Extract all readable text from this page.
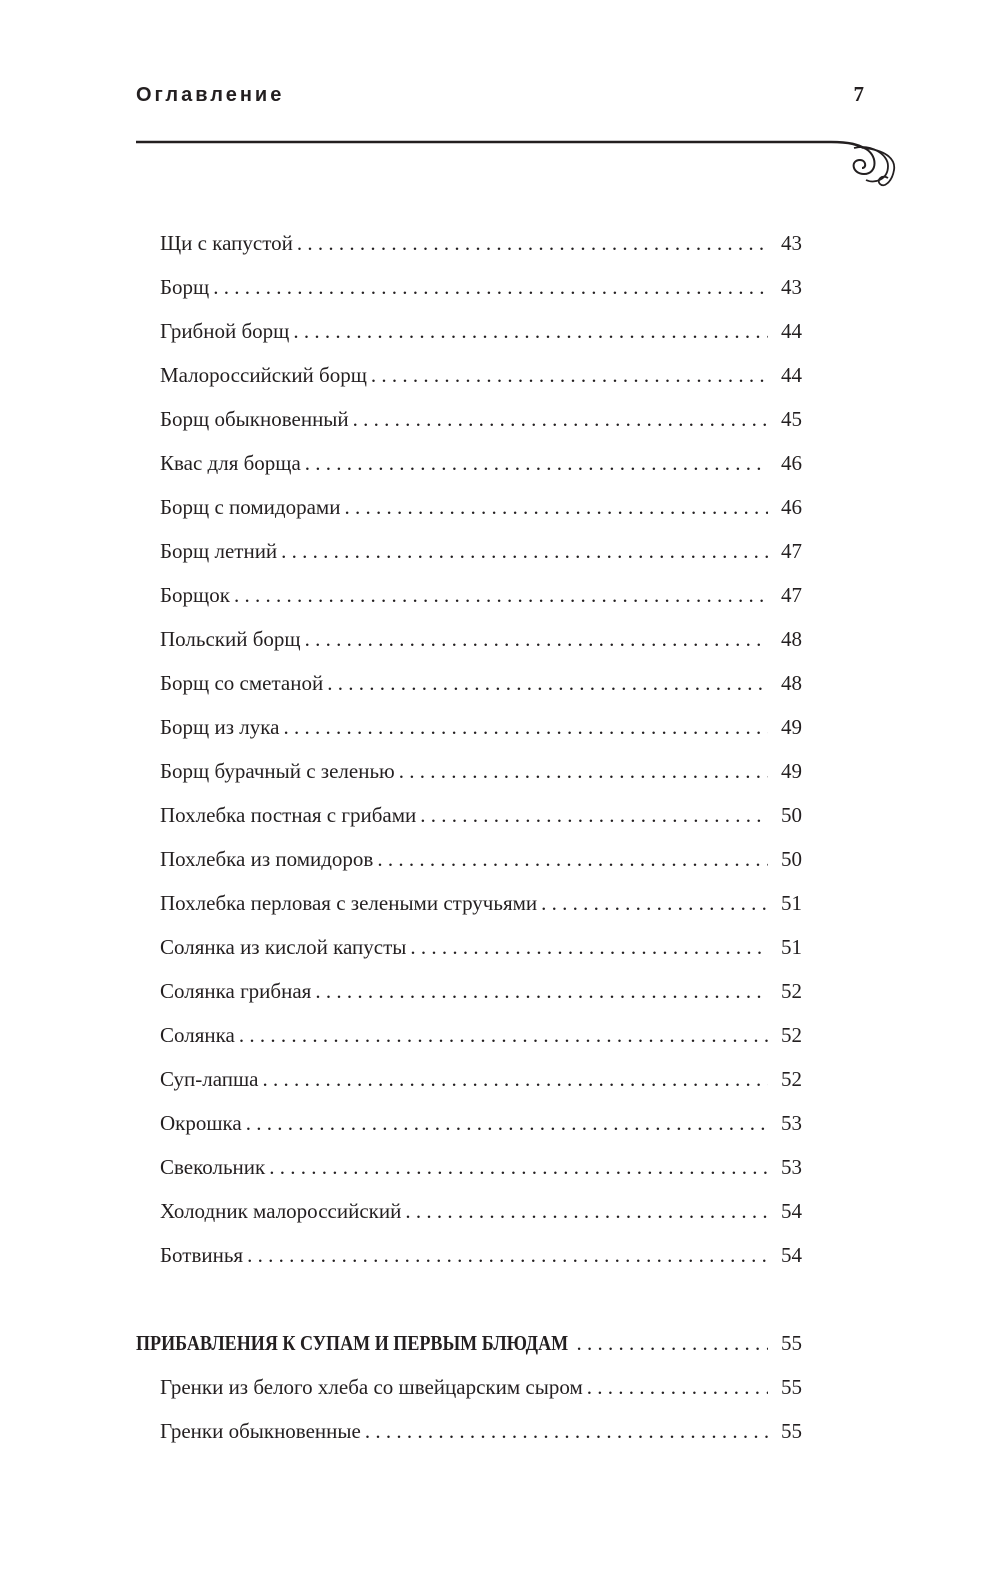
Оглавление	7
Щи с капустой . . .	43
Борщ . . .	43
Грибной борщ . . .	44
Малороссийский борщ . . .	44
Борщ обыкновенный . . .	45
Квас для борща . . .	46
Борщ с помидорами . . .	46
Борщ летний . . .	47
Борщок . . .	47
Польский борщ . . .	48
Борщ со сметаной . . .	48
Борщ из лука . . .	49
Борщ бурачный с зеленью . . .	49
Похлебка постная с грибами . . .	50
Похлебка из помидоров . . .	50
Похлебка перловая с зелеными стручьями . . .	51
Солянка из кислой капусты . . .	51
Солянка грибная . . .	52
Солянка . . .	52
Суп-лапша . . .	52
Окрошка . . .	53
Свекольник . . .	53
Холодник малороссийский . . .	54
Ботвинья . . .	54
ПРИБАВЛЕНИЯ К СУПАМ И ПЕРВЫМ БЛЮДАМ . . .	55
Гренки из белого хлеба со швейцарским сыром . . .	55
Гренки обыкновенные . . .	55
